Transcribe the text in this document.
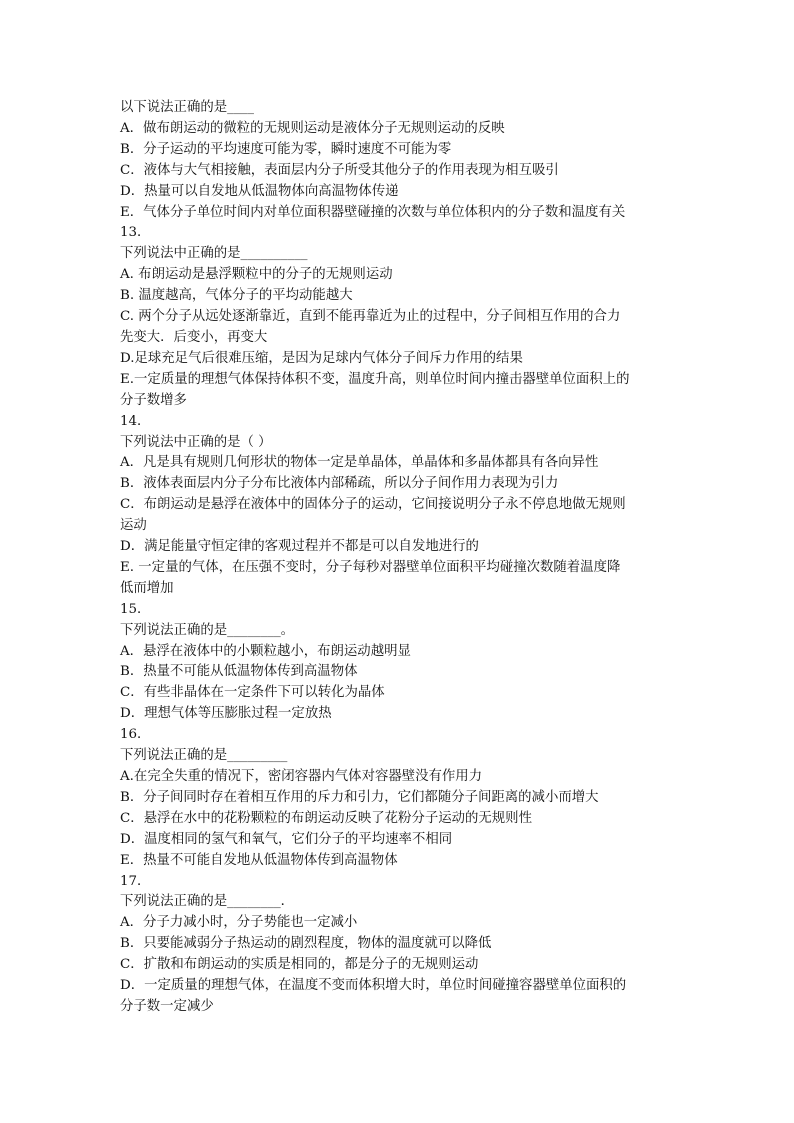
以下说法正确的是____
A．做布朗运动的微粒的无规则运动是液体分子无规则运动的反映
B．分子运动的平均速度可能为零，瞬时速度不可能为零
C．液体与大气相接触，表面层内分子所受其他分子的作用表现为相互吸引
D．热量可以自发地从低温物体向高温物体传递
E．气体分子单位时间内对单位面积器壁碰撞的次数与单位体积内的分子数和温度有关
13．
下列说法中正确的是__________
A. 布朗运动是悬浮颗粒中的分子的无规则运动
B. 温度越高，气体分子的平均动能越大
C. 两个分子从远处逐渐靠近，直到不能再靠近为止的过程中，分子间相互作用的合力
先变大．后变小，再变大
D.足球充足气后很难压缩，是因为足球内气体分子间斥力作用的结果
E.一定质量的理想气体保持体积不变，温度升高，则单位时间内撞击器壁单位面积上的
分子数增多
14．
下列说法中正确的是（ ）
A．凡是具有规则几何形状的物体一定是单晶体，单晶体和多晶体都具有各向异性
B．液体表面层内分子分布比液体内部稀疏，所以分子间作用力表现为引力
C．布朗运动是悬浮在液体中的固体分子的运动，它间接说明分子永不停息地做无规则
运动
D．满足能量守恒定律的客观过程并不都是可以自发地进行的
E. 一定量的气体，在压强不变时，分子每秒对器壁单位面积平均碰撞次数随着温度降
低而增加
15．
下列说法正确的是________。
A．悬浮在液体中的小颗粒越小，布朗运动越明显
B．热量不可能从低温物体传到高温物体
C．有些非晶体在一定条件下可以转化为晶体
D．理想气体等压膨胀过程一定放热
16．
下列说法正确的是_________
A.在完全失重的情况下，密闭容器内气体对容器壁没有作用力
B．分子间同时存在着相互作用的斥力和引力，它们都随分子间距离的减小而增大
C．悬浮在水中的花粉颗粒的布朗运动反映了花粉分子运动的无规则性
D．温度相同的氢气和氧气，它们分子的平均速率不相同
E．热量不可能自发地从低温物体传到高温物体
17．
下列说法正确的是________．
A．分子力减小时，分子势能也一定减小
B．只要能减弱分子热运动的剧烈程度，物体的温度就可以降低
C．扩散和布朗运动的实质是相同的，都是分子的无规则运动
D．一定质量的理想气体，在温度不变而体积增大时，单位时间碰撞容器壁单位面积的
分子数一定减少
